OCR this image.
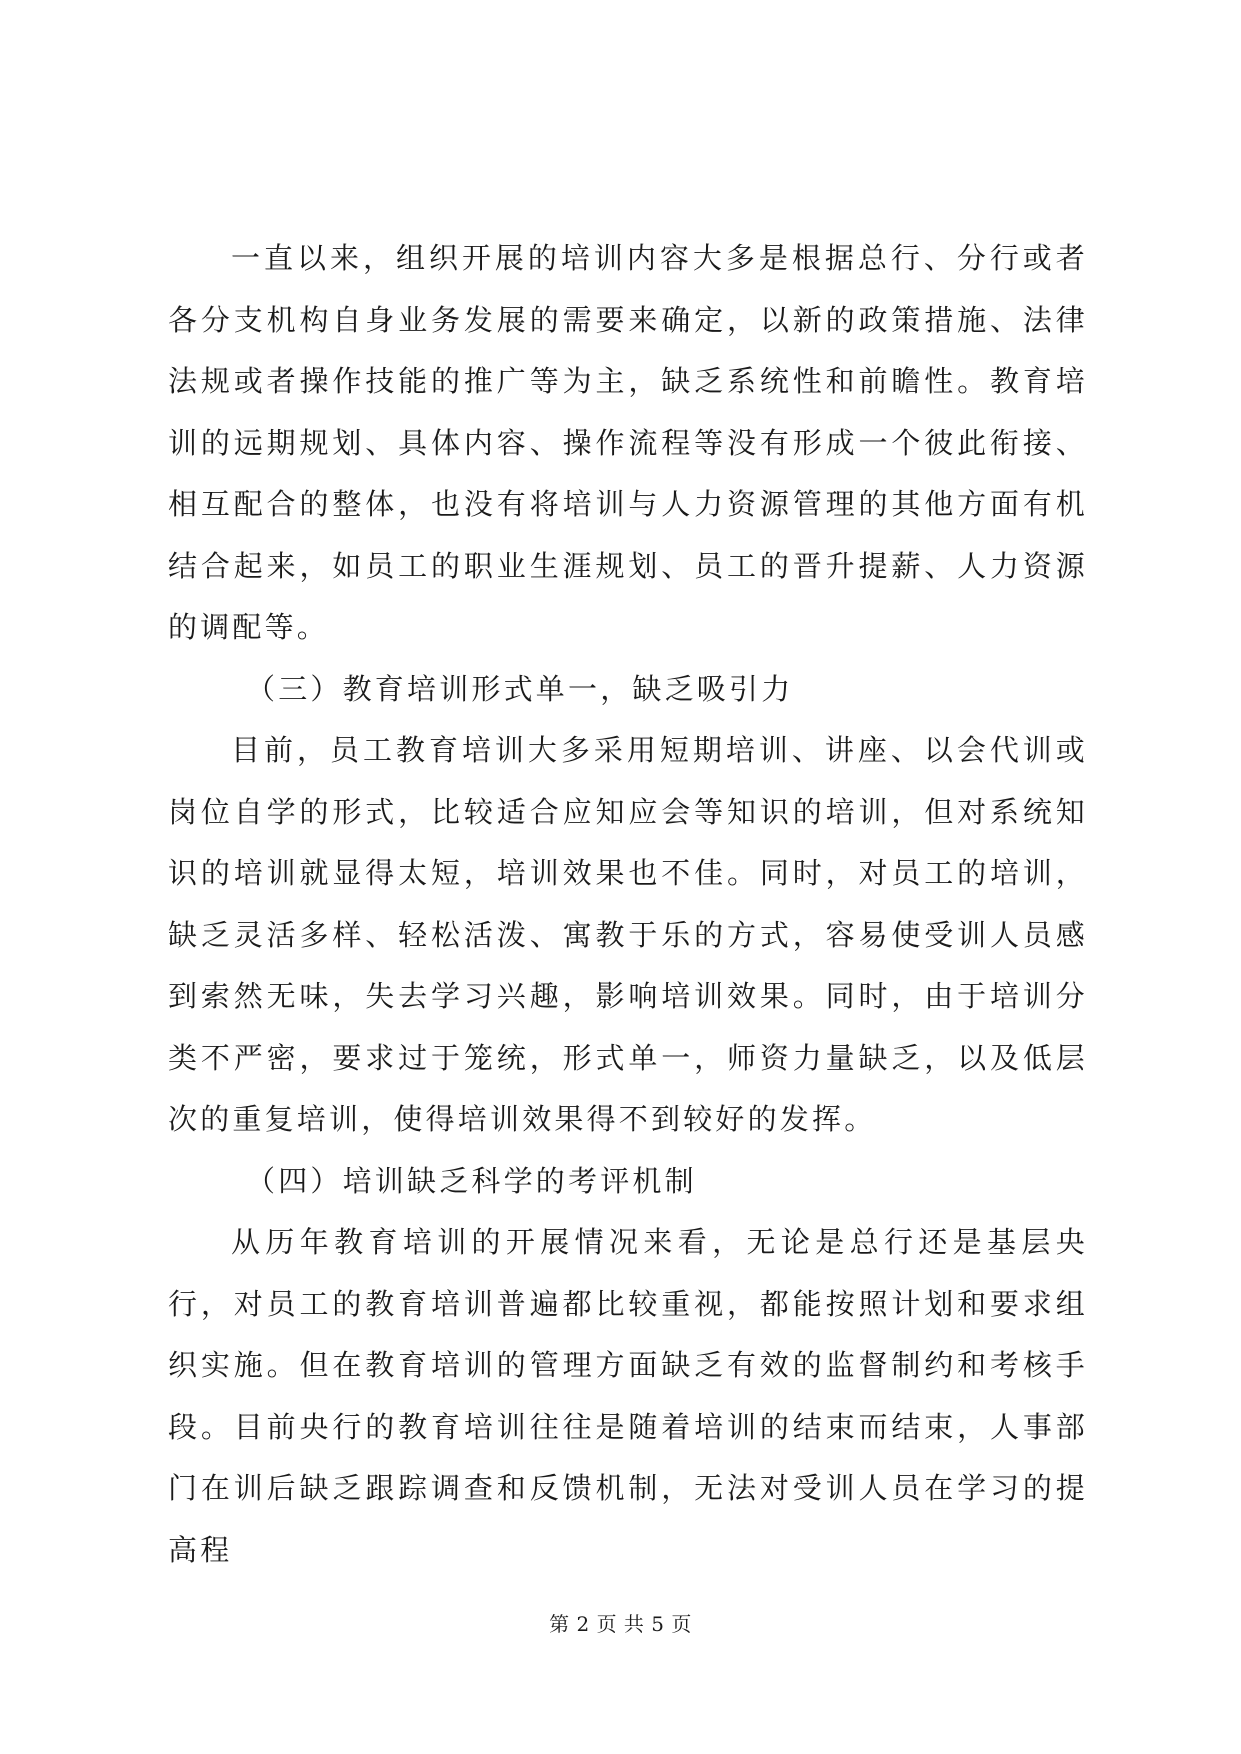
一直以来，组织开展的培训内容大多是根据总行、分行或者各分支机构自身业务发展的需要来确定，以新的政策措施、法律法规或者操作技能的推广等为主，缺乏系统性和前瞻性。教育培训的远期规划、具体内容、操作流程等没有形成一个彼此衔接、相互配合的整体，也没有将培训与人力资源管理的其他方面有机结合起来，如员工的职业生涯规划、员工的晋升提薪、人力资源的调配等。

（三）教育培训形式单一，缺乏吸引力

目前，员工教育培训大多采用短期培训、讲座、以会代训或岗位自学的形式，比较适合应知应会等知识的培训，但对系统知识的培训就显得太短，培训效果也不佳。同时，对员工的培训，缺乏灵活多样、轻松活泼、寓教于乐的方式，容易使受训人员感到索然无味，失去学习兴趣，影响培训效果。同时，由于培训分类不严密，要求过于笼统，形式单一，师资力量缺乏，以及低层次的重复培训，使得培训效果得不到较好的发挥。

（四）培训缺乏科学的考评机制

从历年教育培训的开展情况来看，无论是总行还是基层央行，对员工的教育培训普遍都比较重视，都能按照计划和要求组织实施。但在教育培训的管理方面缺乏有效的监督制约和考核手段。目前央行的教育培训往往是随着培训的结束而结束，人事部门在训后缺乏跟踪调查和反馈机制，无法对受训人员在学习的提高程

第 2 页 共 5 页
